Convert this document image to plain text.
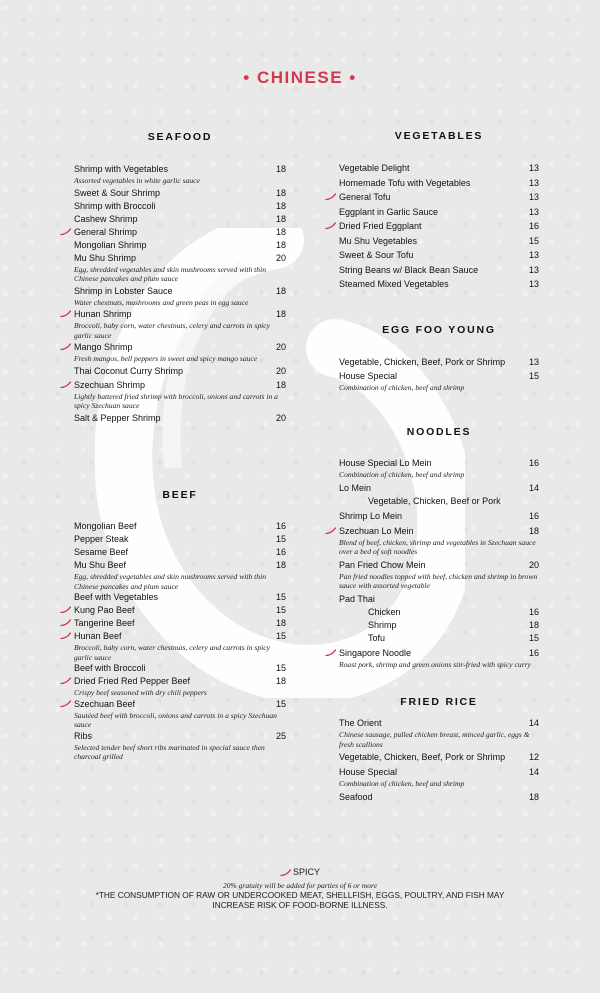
• CHINESE •
SEAFOOD
BEEF
VEGETABLES
EGG FOO YOUNG
NOODLES
FRIED RICE
Shrimp with Vegetables	18
Assorted vegetables in white garlic sauce
Sweet & Sour Shrimp	18
Shrimp with Broccoli	18
Cashew Shrimp	18
General Shrimp	18
Mongolian Shrimp	18
Mu Shu Shrimp	20
Egg, shredded vegetables and skin mushrooms served with thin Chinese pancakes and plum sauce
Shrimp in Lobster Sauce	18
Water chestnuts, mushrooms and green peas in egg sauce
Hunan Shrimp	18
Broccoli, baby corn, water chestnuts, celery and carrots in spicy garlic sauce
Mango Shrimp	20
Fresh mangos, bell peppers in sweet and spicy mango sauce
Thai Coconut Curry Shrimp	20
Szechuan Shrimp	18
Lightly battered fried shrimp with broccoli, onions and carrots in a spicy Szechuan sauce
Salt & Pepper Shrimp	20
Mongolian Beef	16
Pepper Steak	15
Sesame Beef	16
Mu Shu Beef	18
Egg, shredded vegetables and skin mushrooms served with thin Chinese pancakes and plum sauce
Beef with Vegetables	15
Kung Pao Beef	15
Tangerine Beef	18
Hunan Beef	15
Broccoli, baby corn, water chestnuts, celery and carrots in spicy garlic sauce
Beef with Broccoli	15
Dried Fried Red Pepper Beef	18
Crispy beef seasoned with dry chili peppers
Szechuan Beef	15
Sautéed beef with broccoli, onions and carrots in a spicy Szechuan sauce
Ribs	25
Selected tender beef short ribs marinated in special sauce then charcoal grilled
Vegetable Delight	13
Homemade Tofu with Vegetables	13
General Tofu	13
Eggplant in Garlic Sauce	13
Dried Fried Eggplant	16
Mu Shu Vegetables	15
Sweet & Sour Tofu	13
String Beans w/ Black Bean Sauce	13
Steamed Mixed Vegetables	13
Vegetable, Chicken, Beef, Pork or Shrimp	13
House Special	15
Combination of chicken, beef and shrimp
House Special Lo Mein	16
Combination of chicken, beef and shrimp
Lo Mein	14
Vegetable, Chicken, Beef or Pork
Shrimp Lo Mein	16
Szechuan Lo Mein	18
Blend of beef, chicken, shrimp and vegetables in Szechuan sauce over a bed of soft noodles
Pan Fried Chow Mein	20
Pan fried noodles topped with beef, chicken and shrimp in brown sauce with assorted vegetable
Pad Thai
Chicken	16
Shrimp	18
Tofu	15
Singapore Noodle	16
Roast pork, shrimp and green onions stir-fried with spicy curry
The Orient	14
Chinese sausage, pulled chicken breast, minced garlic, eggs & fresh scallions
Vegetable, Chicken, Beef, Pork or Shrimp	12
House Special	14
Combination of chicken, beef and shrimp
Seafood	18
SPICY
20% gratuity will be added for parties of 6 or more
*THE CONSUMPTION OF RAW OR UNDERCOOKED MEAT, SHELLFISH, EGGS, POULTRY, AND FISH MAY INCREASE RISK OF FOOD-BORNE ILLNESS.
